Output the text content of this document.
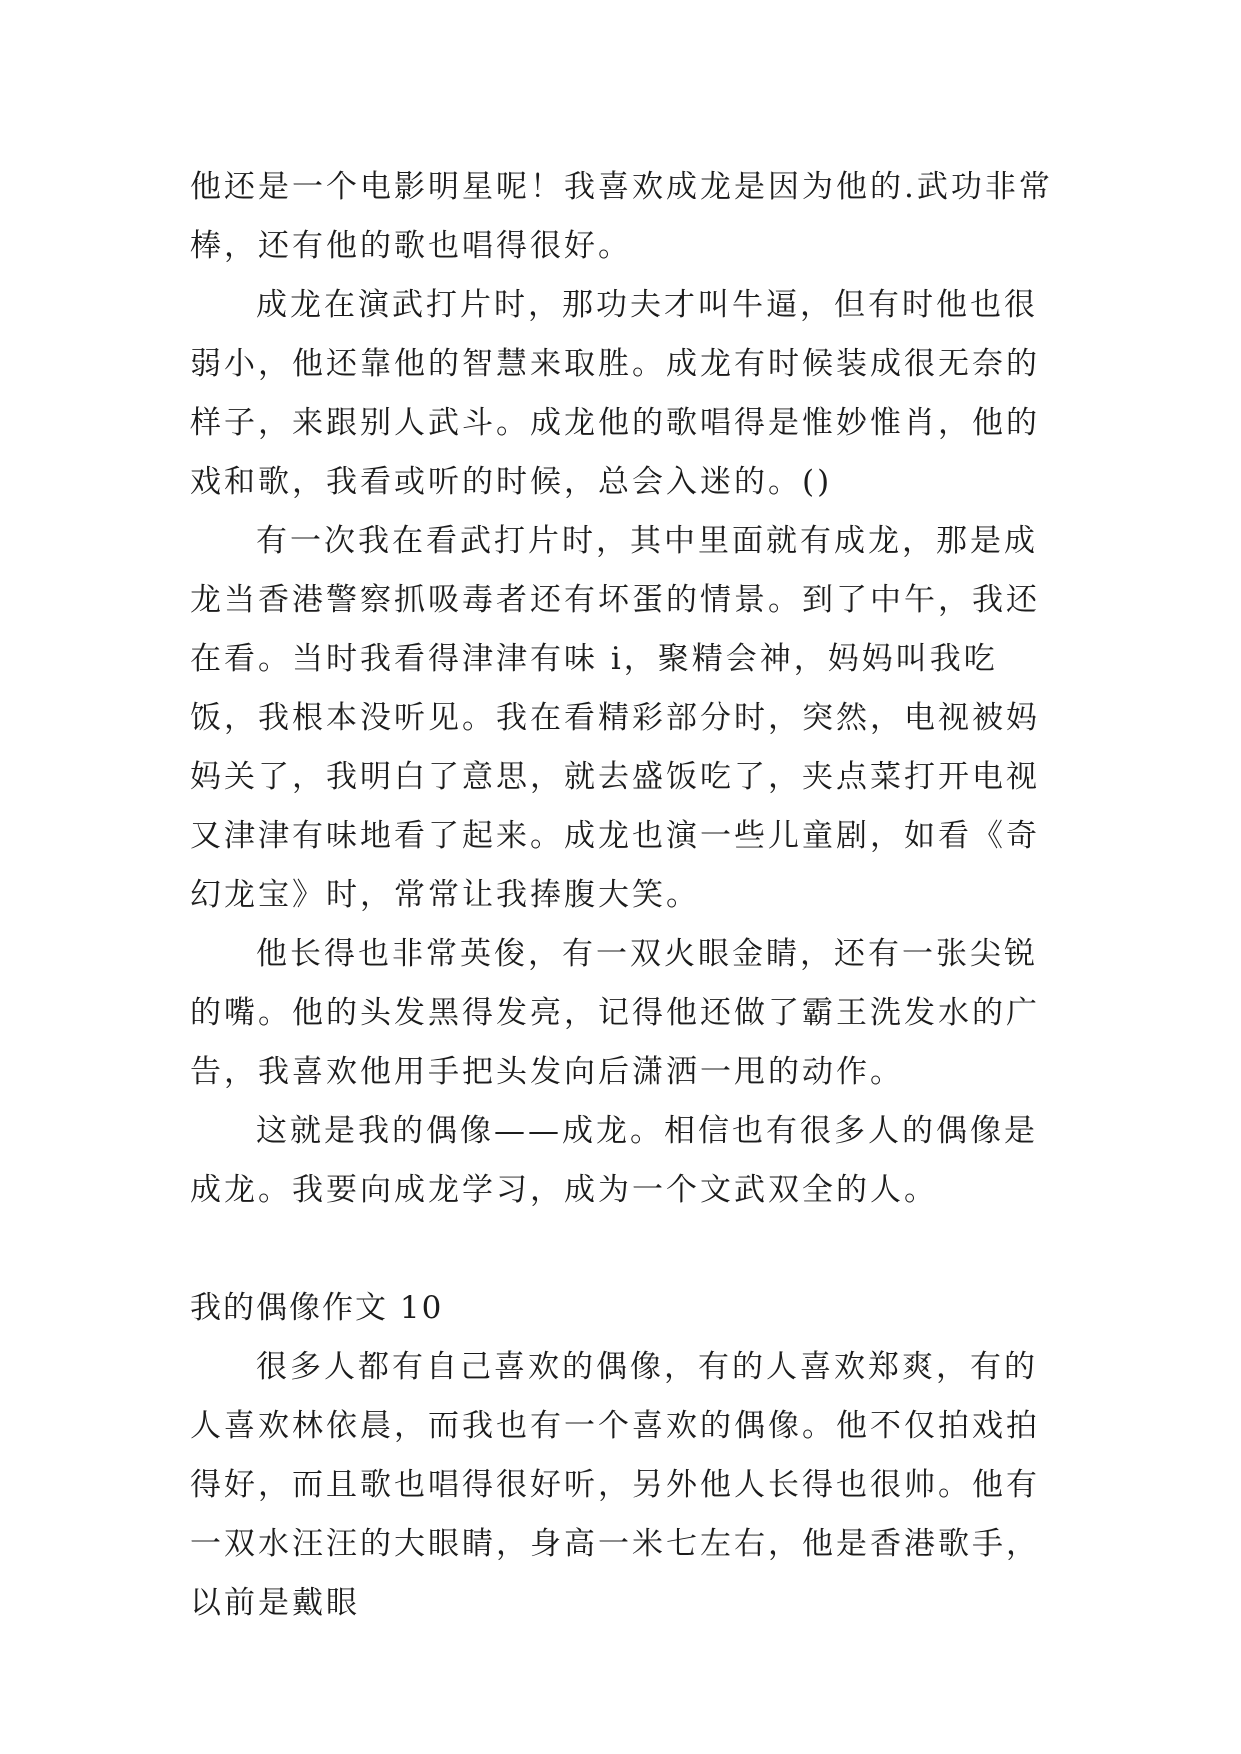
他还是一个电影明星呢！我喜欢成龙是因为他的.武功非常棒，还有他的歌也唱得很好。

成龙在演武打片时，那功夫才叫牛逼，但有时他也很弱小，他还靠他的智慧来取胜。成龙有时候装成很无奈的样子，来跟别人武斗。成龙他的歌唱得是惟妙惟肖，他的戏和歌，我看或听的时候，总会入迷的。()

有一次我在看武打片时，其中里面就有成龙，那是成龙当香港警察抓吸毒者还有坏蛋的情景。到了中午，我还在看。当时我看得津津有味 i，聚精会神，妈妈叫我吃饭，我根本没听见。我在看精彩部分时，突然，电视被妈妈关了，我明白了意思，就去盛饭吃了，夹点菜打开电视又津津有味地看了起来。成龙也演一些儿童剧，如看《奇幻龙宝》时，常常让我捧腹大笑。

他长得也非常英俊，有一双火眼金睛，还有一张尖锐的嘴。他的头发黑得发亮，记得他还做了霸王洗发水的广告，我喜欢他用手把头发向后潇洒一甩的动作。

这就是我的偶像——成龙。相信也有很多人的偶像是成龙。我要向成龙学习，成为一个文武双全的人。

我的偶像作文 10

很多人都有自己喜欢的偶像，有的人喜欢郑爽，有的人喜欢林依晨，而我也有一个喜欢的偶像。他不仅拍戏拍得好，而且歌也唱得很好听，另外他人长得也很帅。他有一双水汪汪的大眼睛，身高一米七左右，他是香港歌手，以前是戴眼
